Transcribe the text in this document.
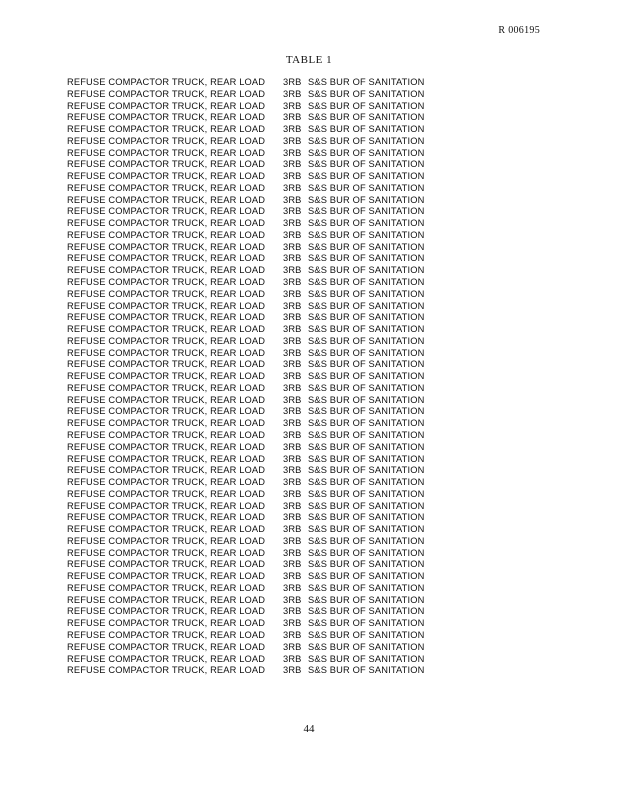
R 006195
TABLE 1
REFUSE COMPACTOR TRUCK, REAR LOAD 3RB S&S BUR OF SANITATION
REFUSE COMPACTOR TRUCK, REAR LOAD 3RB S&S BUR OF SANITATION
REFUSE COMPACTOR TRUCK, REAR LOAD 3RB S&S BUR OF SANITATION
REFUSE COMPACTOR TRUCK, REAR LOAD 3RB S&S BUR OF SANITATION
REFUSE COMPACTOR TRUCK, REAR LOAD 3RB S&S BUR OF SANITATION
REFUSE COMPACTOR TRUCK, REAR LOAD 3RB S&S BUR OF SANITATION
REFUSE COMPACTOR TRUCK, REAR LOAD 3RB S&S BUR OF SANITATION
REFUSE COMPACTOR TRUCK, REAR LOAD 3RB S&S BUR OF SANITATION
REFUSE COMPACTOR TRUCK, REAR LOAD 3RB S&S BUR OF SANITATION
REFUSE COMPACTOR TRUCK, REAR LOAD 3RB S&S BUR OF SANITATION
REFUSE COMPACTOR TRUCK, REAR LOAD 3RB S&S BUR OF SANITATION
REFUSE COMPACTOR TRUCK, REAR LOAD 3RB S&S BUR OF SANITATION
REFUSE COMPACTOR TRUCK, REAR LOAD 3RB S&S BUR OF SANITATION
REFUSE COMPACTOR TRUCK, REAR LOAD 3RB S&S BUR OF SANITATION
REFUSE COMPACTOR TRUCK, REAR LOAD 3RB S&S BUR OF SANITATION
REFUSE COMPACTOR TRUCK, REAR LOAD 3RB S&S BUR OF SANITATION
REFUSE COMPACTOR TRUCK, REAR LOAD 3RB S&S BUR OF SANITATION
REFUSE COMPACTOR TRUCK, REAR LOAD 3RB S&S BUR OF SANITATION
REFUSE COMPACTOR TRUCK, REAR LOAD 3RB S&S BUR OF SANITATION
REFUSE COMPACTOR TRUCK, REAR LOAD 3RB S&S BUR OF SANITATION
REFUSE COMPACTOR TRUCK, REAR LOAD 3RB S&S BUR OF SANITATION
REFUSE COMPACTOR TRUCK, REAR LOAD 3RB S&S BUR OF SANITATION
REFUSE COMPACTOR TRUCK, REAR LOAD 3RB S&S BUR OF SANITATION
REFUSE COMPACTOR TRUCK, REAR LOAD 3RB S&S BUR OF SANITATION
REFUSE COMPACTOR TRUCK, REAR LOAD 3RB S&S BUR OF SANITATION
REFUSE COMPACTOR TRUCK, REAR LOAD 3RB S&S BUR OF SANITATION
REFUSE COMPACTOR TRUCK, REAR LOAD 3RB S&S BUR OF SANITATION
REFUSE COMPACTOR TRUCK, REAR LOAD 3RB S&S BUR OF SANITATION
REFUSE COMPACTOR TRUCK, REAR LOAD 3RB S&S BUR OF SANITATION
REFUSE COMPACTOR TRUCK, REAR LOAD 3RB S&S BUR OF SANITATION
REFUSE COMPACTOR TRUCK, REAR LOAD 3RB S&S BUR OF SANITATION
REFUSE COMPACTOR TRUCK, REAR LOAD 3RB S&S BUR OF SANITATION
REFUSE COMPACTOR TRUCK, REAR LOAD 3RB S&S BUR OF SANITATION
REFUSE COMPACTOR TRUCK, REAR LOAD 3RB S&S BUR OF SANITATION
REFUSE COMPACTOR TRUCK, REAR LOAD 3RB S&S BUR OF SANITATION
REFUSE COMPACTOR TRUCK, REAR LOAD 3RB S&S BUR OF SANITATION
REFUSE COMPACTOR TRUCK, REAR LOAD 3RB S&S BUR OF SANITATION
REFUSE COMPACTOR TRUCK, REAR LOAD 3RB S&S BUR OF SANITATION
REFUSE COMPACTOR TRUCK, REAR LOAD 3RB S&S BUR OF SANITATION
REFUSE COMPACTOR TRUCK, REAR LOAD 3RB S&S BUR OF SANITATION
REFUSE COMPACTOR TRUCK, REAR LOAD 3RB S&S BUR OF SANITATION
REFUSE COMPACTOR TRUCK, REAR LOAD 3RB S&S BUR OF SANITATION
REFUSE COMPACTOR TRUCK, REAR LOAD 3RB S&S BUR OF SANITATION
REFUSE COMPACTOR TRUCK, REAR LOAD 3RB S&S BUR OF SANITATION
REFUSE COMPACTOR TRUCK, REAR LOAD 3RB S&S BUR OF SANITATION
REFUSE COMPACTOR TRUCK, REAR LOAD 3RB S&S BUR OF SANITATION
REFUSE COMPACTOR TRUCK, REAR LOAD 3RB S&S BUR OF SANITATION
REFUSE COMPACTOR TRUCK, REAR LOAD 3RB S&S BUR OF SANITATION
REFUSE COMPACTOR TRUCK, REAR LOAD 3RB S&S BUR OF SANITATION
REFUSE COMPACTOR TRUCK, REAR LOAD 3RB S&S BUR OF SANITATION
REFUSE COMPACTOR TRUCK, REAR LOAD 3RB S&S BUR OF SANITATION
44
